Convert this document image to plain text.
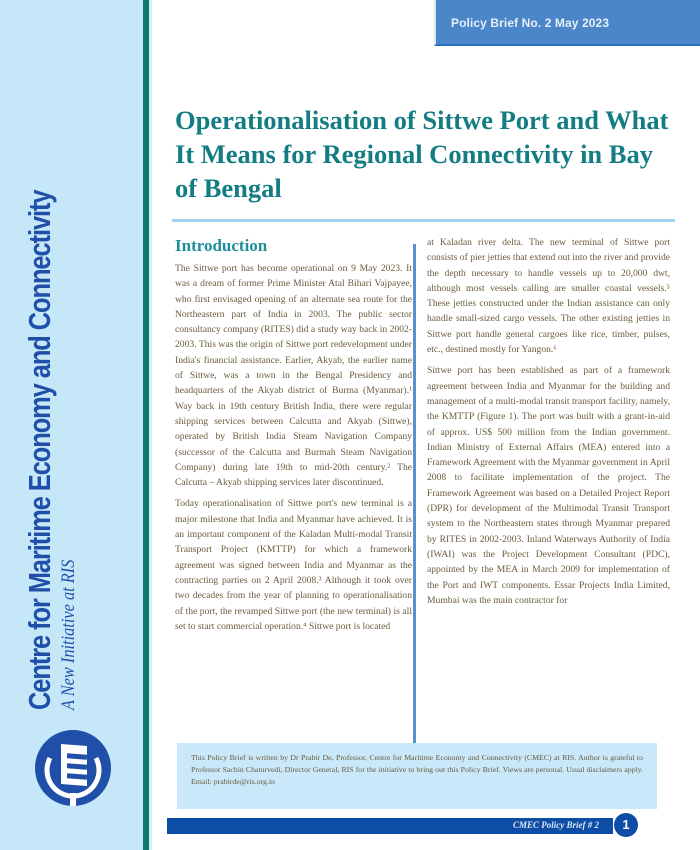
Centre for Maritime Economy and Connectivity A New Initiative at RIS
Policy Brief No. 2 May 2023
Operationalisation of Sittwe Port and What It Means for Regional Connectivity in Bay of Bengal
Introduction

The Sittwe port has become operational on 9 May 2023. It was a dream of former Prime Minister Atal Bihari Vajpayee, who first envisaged opening of an alternate sea route for the Northeastern part of India in 2003. The public sector consultancy company (RITES) did a study way back in 2002-2003. This was the origin of Sittwe port redevelopment under India's financial assistance. Earlier, Akyab, the earlier name of Sittwe, was a town in the Bengal Presidency and headquarters of the Akyab district of Burma (Myanmar).¹ Way back in 19th century British India, there were regular shipping services between Calcutta and Akyab (Sittwe), operated by British India Steam Navigation Company (successor of the Calcutta and Burmah Steam Navigation Company) during late 19th to mid-20th century.² The Calcutta – Akyab shipping services later discontinued.

Today operationalisation of Sittwe port's new terminal is a major milestone that India and Myanmar have achieved. It is an important component of the Kaladan Multi-modal Transit Transport Project (KMTTP) for which a framework agreement was signed between India and Myanmar as the contracting parties on 2 April 2008.³ Although it took over two decades from the year of planning to operationalisation of the port, the revamped Sittwe port (the new terminal) is all set to start commercial operation.⁴ Sittwe port is located

at Kaladan river delta. The new terminal of Sittwe port consists of pier jetties that extend out into the river and provide the depth necessary to handle vessels up to 20,000 dwt, although most vessels calling are smaller coastal vessels.⁵ These jetties constructed under the Indian assistance can only handle small-sized cargo vessels. The other existing jetties in Sittwe port handle general cargoes like rice, timber, pulses, etc., destined mostly for Yangon.⁶

Sittwe port has been established as part of a framework agreement between India and Myanmar for the building and management of a multi-modal transit transport facility, namely, the KMTTP (Figure 1). The port was built with a grant-in-aid of approx. US$ 500 million from the Indian government. Indian Ministry of External Affairs (MEA) entered into a Framework Agreement with the Myanmar government in April 2008 to facilitate implementation of the project. The Framework Agreement was based on a Detailed Project Report (DPR) for development of the Multimodal Transit Transport system to the Northeastern states through Myanmar prepared by RITES in 2002-2003. Inland Waterways Authority of India (IWAI) was the Project Development Consultant (PDC), appointed by the MEA in March 2009 for implementation of the Port and IWT components. Essar Projects India Limited, Mumbai was the main contractor for

This Policy Brief is written by Dr Prabir De, Professor, Centre for Maritime Economy and Connectivity (CMEC) at RIS. Author is grateful to Professor Sachin Chaturvedi, Director General, RIS for the initiative to bring out this Policy Brief. Views are personal. Usual disclaimers apply. Email: prabirde@ris.org.in

CMEC Policy Brief # 2	1
